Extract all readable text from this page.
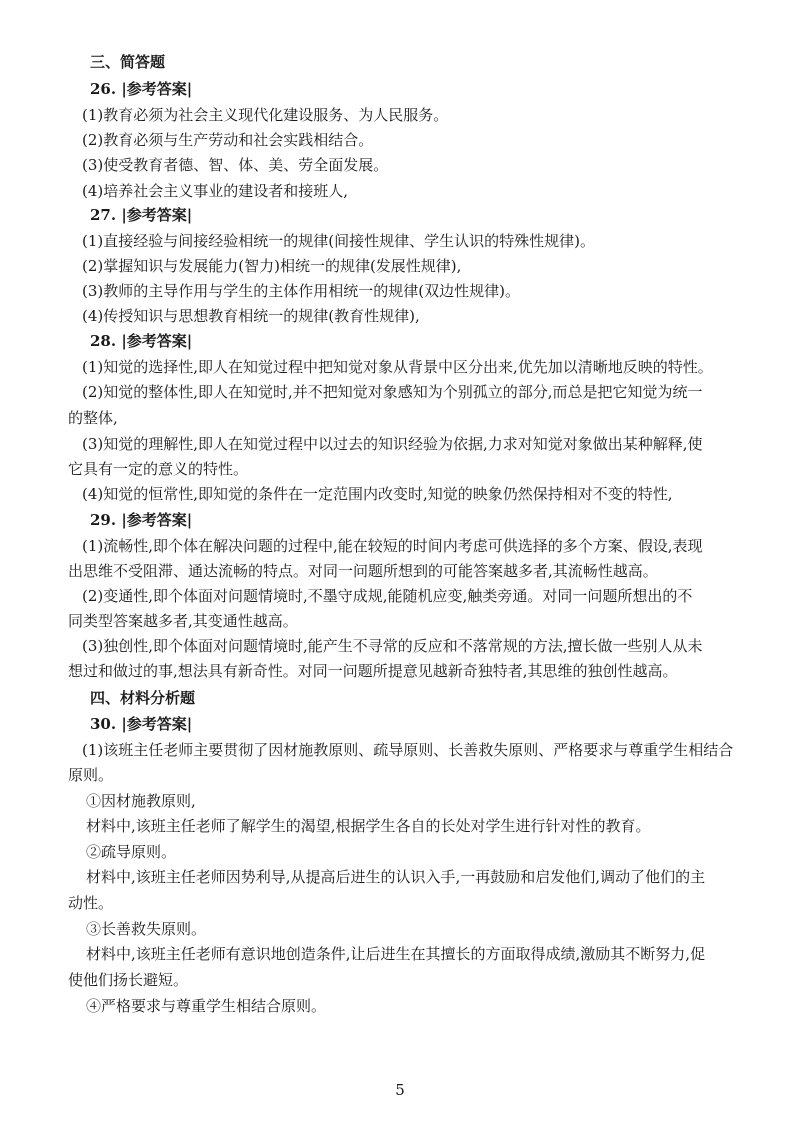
三、简答题
26. |参考答案|
(1)教育必须为社会主义现代化建设服务、为人民服务。
(2)教育必须与生产劳动和社会实践相结合。
(3)使受教育者德、智、体、美、劳全面发展。
(4)培养社会主义事业的建设者和接班人,
27. |参考答案|
(1)直接经验与间接经验相统一的规律(间接性规律、学生认识的特殊性规律)。
(2)掌握知识与发展能力(智力)相统一的规律(发展性规律),
(3)教师的主导作用与学生的主体作用相统一的规律(双边性规律)。
(4)传授知识与思想教育相统一的规律(教育性规律),
28. |参考答案|
(1)知觉的选择性,即人在知觉过程中把知觉对象从背景中区分出来,优先加以清晰地反映的特性。
(2)知觉的整体性,即人在知觉时,并不把知觉对象感知为个别孤立的部分,而总是把它知觉为统一
的整体,
(3)知觉的理解性,即人在知觉过程中以过去的知识经验为依据,力求对知觉对象做出某种解释,使
它具有一定的意义的特性。
(4)知觉的恒常性,即知觉的条件在一定范围内改变时,知觉的映象仍然保持相对不变的特性,
29. |参考答案|
(1)流畅性,即个体在解决问题的过程中,能在较短的时间内考虑可供选择的多个方案、假设,表现
出思维不受阻滞、通达流畅的特点。对同一问题所想到的可能答案越多者,其流畅性越高。
(2)变通性,即个体面对问题情境时,不墨守成规,能随机应变,触类旁通。对同一问题所想出的不
同类型答案越多者,其变通性越高。
(3)独创性,即个体面对问题情境时,能产生不寻常的反应和不落常规的方法,擅长做一些别人从未
想过和做过的事,想法具有新奇性。对同一问题所提意见越新奇独特者,其思维的独创性越高。
四、材料分析题
30. |参考答案|
(1)该班主任老师主要贯彻了因材施教原则、疏导原则、长善救失原则、严格要求与尊重学生相结合
原则。
①因材施教原则,
材料中,该班主任老师了解学生的渴望,根据学生各自的长处对学生进行针对性的教育。
②疏导原则。
材料中,该班主任老师因势利导,从提高后进生的认识入手,一再鼓励和启发他们,调动了他们的主
动性。
③长善救失原则。
材料中,该班主任老师有意识地创造条件,让后进生在其擅长的方面取得成绩,激励其不断努力,促
使他们扬长避短。
④严格要求与尊重学生相结合原则。
5
